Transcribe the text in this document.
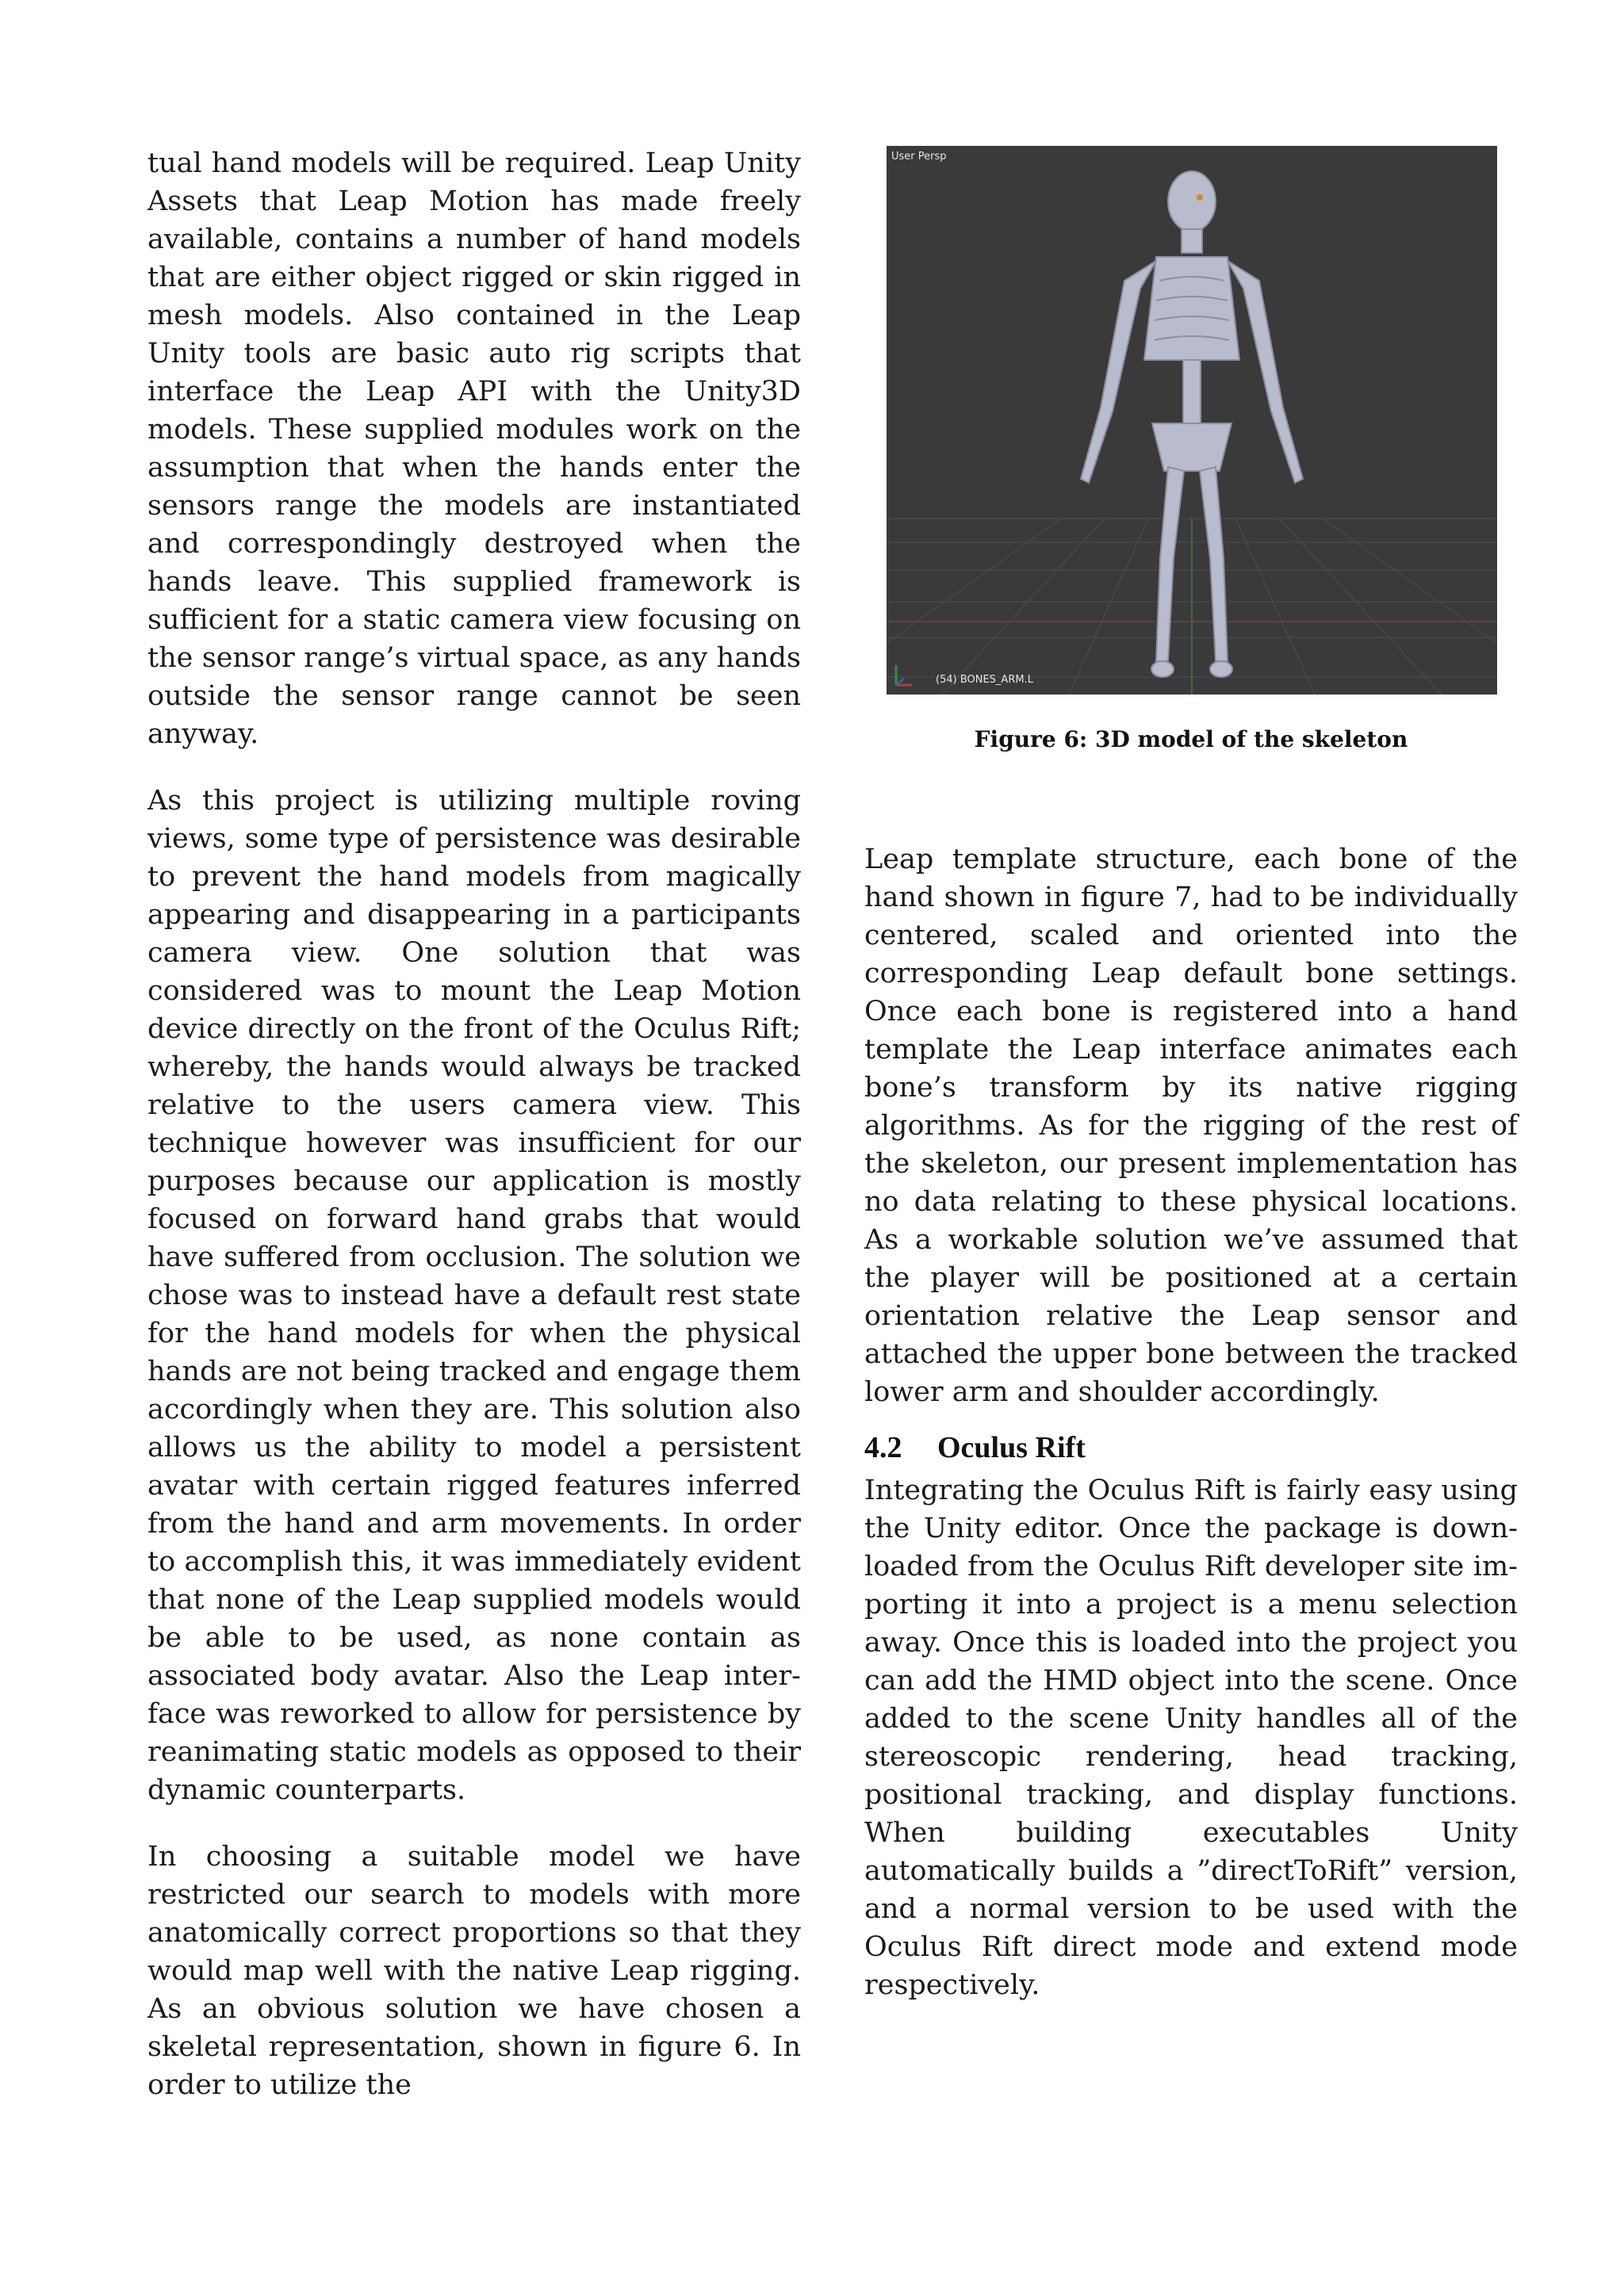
tual hand models will be required. Leap Unity Assets that Leap Motion has made freely available, contains a number of hand models that are either object rigged or skin rigged in mesh models. Also contained in the Leap Unity tools are basic auto rig scripts that interface the Leap API with the Unity3D models. These supplied modules work on the assumption that when the hands enter the sensors range the models are instantiated and correspondingly destroyed when the hands leave. This supplied framework is sufficient for a static camera view focusing on the sensor range’s virtual space, as any hands outside the sensor range cannot be seen anyway.

As this project is utilizing multiple roving views, some type of persistence was desirable to prevent the hand models from magically appearing and disappearing in a participants camera view. One solution that was considered was to mount the Leap Motion device directly on the front of the Oculus Rift; whereby, the hands would always be tracked relative to the users camera view. This technique however was insufficient for our purposes because our application is mostly focused on forward hand grabs that would have suffered from occlusion. The solution we chose was to instead have a default rest state for the hand models for when the physical hands are not being tracked and engage them accordingly when they are. This solution also allows us the ability to model a persistent avatar with certain rigged features inferred from the hand and arm movements. In order to accomplish this, it was immediately evident that none of the Leap supplied models would be able to be used, as none contain as associated body avatar. Also the Leap interface was reworked to allow for persistence by reanimating static models as opposed to their dynamic counterparts.

In choosing a suitable model we have restricted our search to models with more anatomically correct proportions so that they would map well with the native Leap rigging. As an obvious solution we have chosen a skeletal representation, shown in figure 6. In order to utilize the

User Persp
(54) BONES_ARM.L
Figure 6: 3D model of the skeleton

Leap template structure, each bone of the hand shown in figure 7, had to be individually centered, scaled and oriented into the corresponding Leap default bone settings. Once each bone is registered into a hand template the Leap interface animates each bone’s transform by its native rigging algorithms. As for the rigging of the rest of the skeleton, our present implementation has no data relating to these physical locations. As a workable solution we’ve assumed that the player will be positioned at a certain orientation relative the Leap sensor and attached the upper bone between the tracked lower arm and shoulder accordingly.

4.2 Oculus Rift

Integrating the Oculus Rift is fairly easy using the Unity editor. Once the package is downloaded from the Oculus Rift developer site importing it into a project is a menu selection away. Once this is loaded into the project you can add the HMD object into the scene. Once added to the scene Unity handles all of the stereoscopic rendering, head tracking, positional tracking, and display functions. When building executables Unity automatically builds a ”directToRift” version, and a normal version to be used with the Oculus Rift direct mode and extend mode respectively.
